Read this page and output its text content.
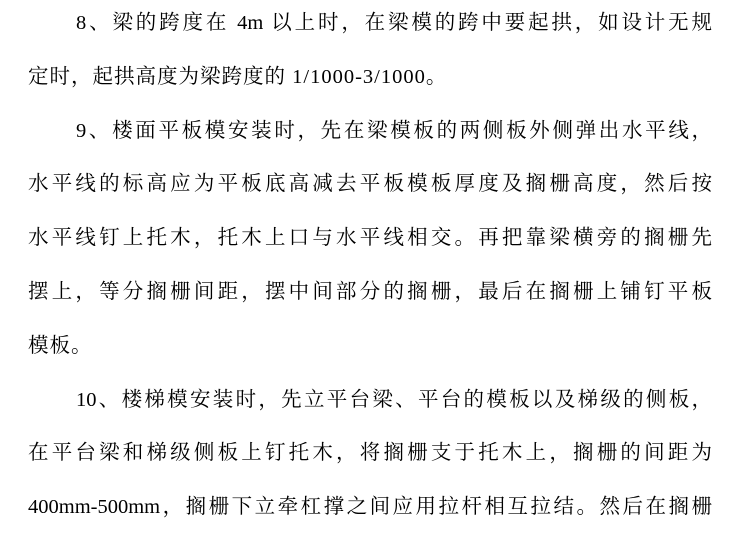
8、梁的跨度在 4m 以上时，在梁模的跨中要起拱，如设计无规
定时，起拱高度为梁跨度的 1/1000-3/1000。
9、楼面平板模安装时，先在梁模板的两侧板外侧弹出水平线，
水平线的标高应为平板底高减去平板模板厚度及搁栅高度，然后按
水平线钉上托木，托木上口与水平线相交。再把靠梁横旁的搁栅先
摆上，等分搁栅间距，摆中间部分的搁栅，最后在搁栅上铺钉平板
模板。
10、楼梯模安装时，先立平台梁、平台的模板以及梯级的侧板，
在平台梁和梯级侧板上钉托木，将搁栅支于托木上，搁栅的间距为
400mm-500mm，搁栅下立牵杠撑之间应用拉杆相互拉结。然后在搁栅
